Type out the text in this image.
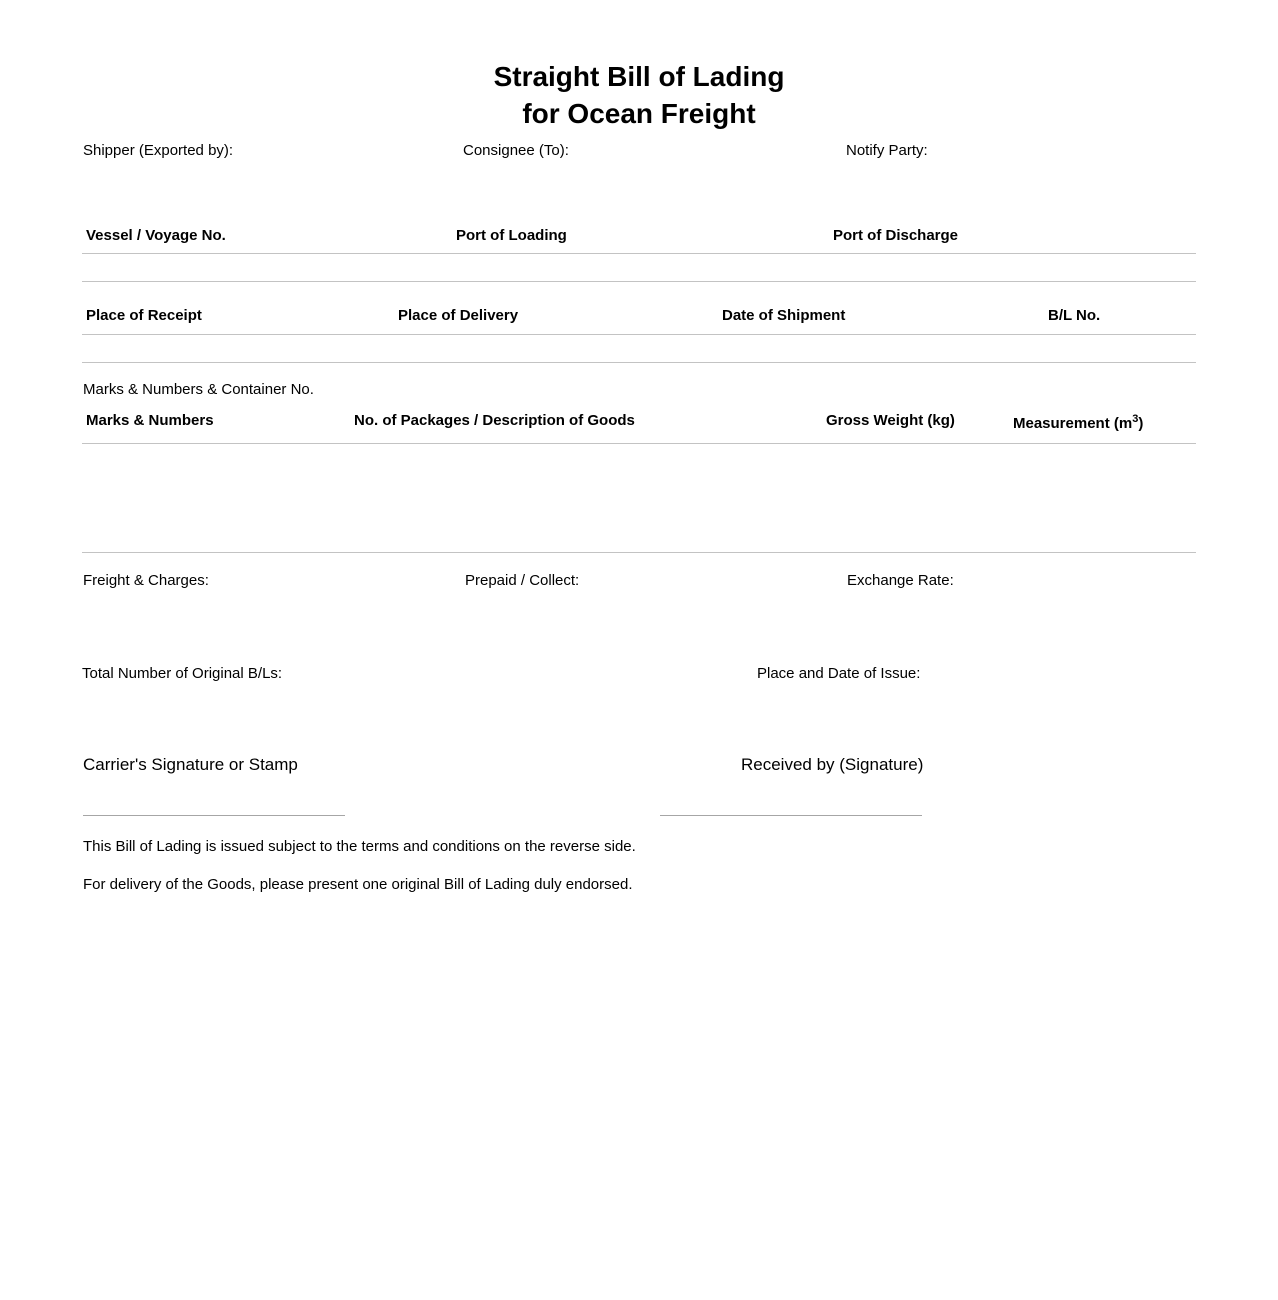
Straight Bill of Lading
for Ocean Freight
Shipper (Exported by):	Consignee (To):	Notify Party:
Vessel / Voyage No.	Port of Loading	Port of Discharge
Place of Receipt	Place of Delivery	Date of Shipment	B/L No.
Marks & Numbers & Container No.
Marks & Numbers	No. of Packages / Description of Goods	Gross Weight (kg)	Measurement $(m^3)$
Freight & Charges:	Prepaid / Collect:	Exchange Rate:
Total Number of Original B/Ls:	Place and Date of Issue:
Carrier's Signature or Stamp	Received by (Signature)
This Bill of Lading is issued subject to the terms and conditions on the reverse side.
For delivery of the Goods, please present one original Bill of Lading duly endorsed.
